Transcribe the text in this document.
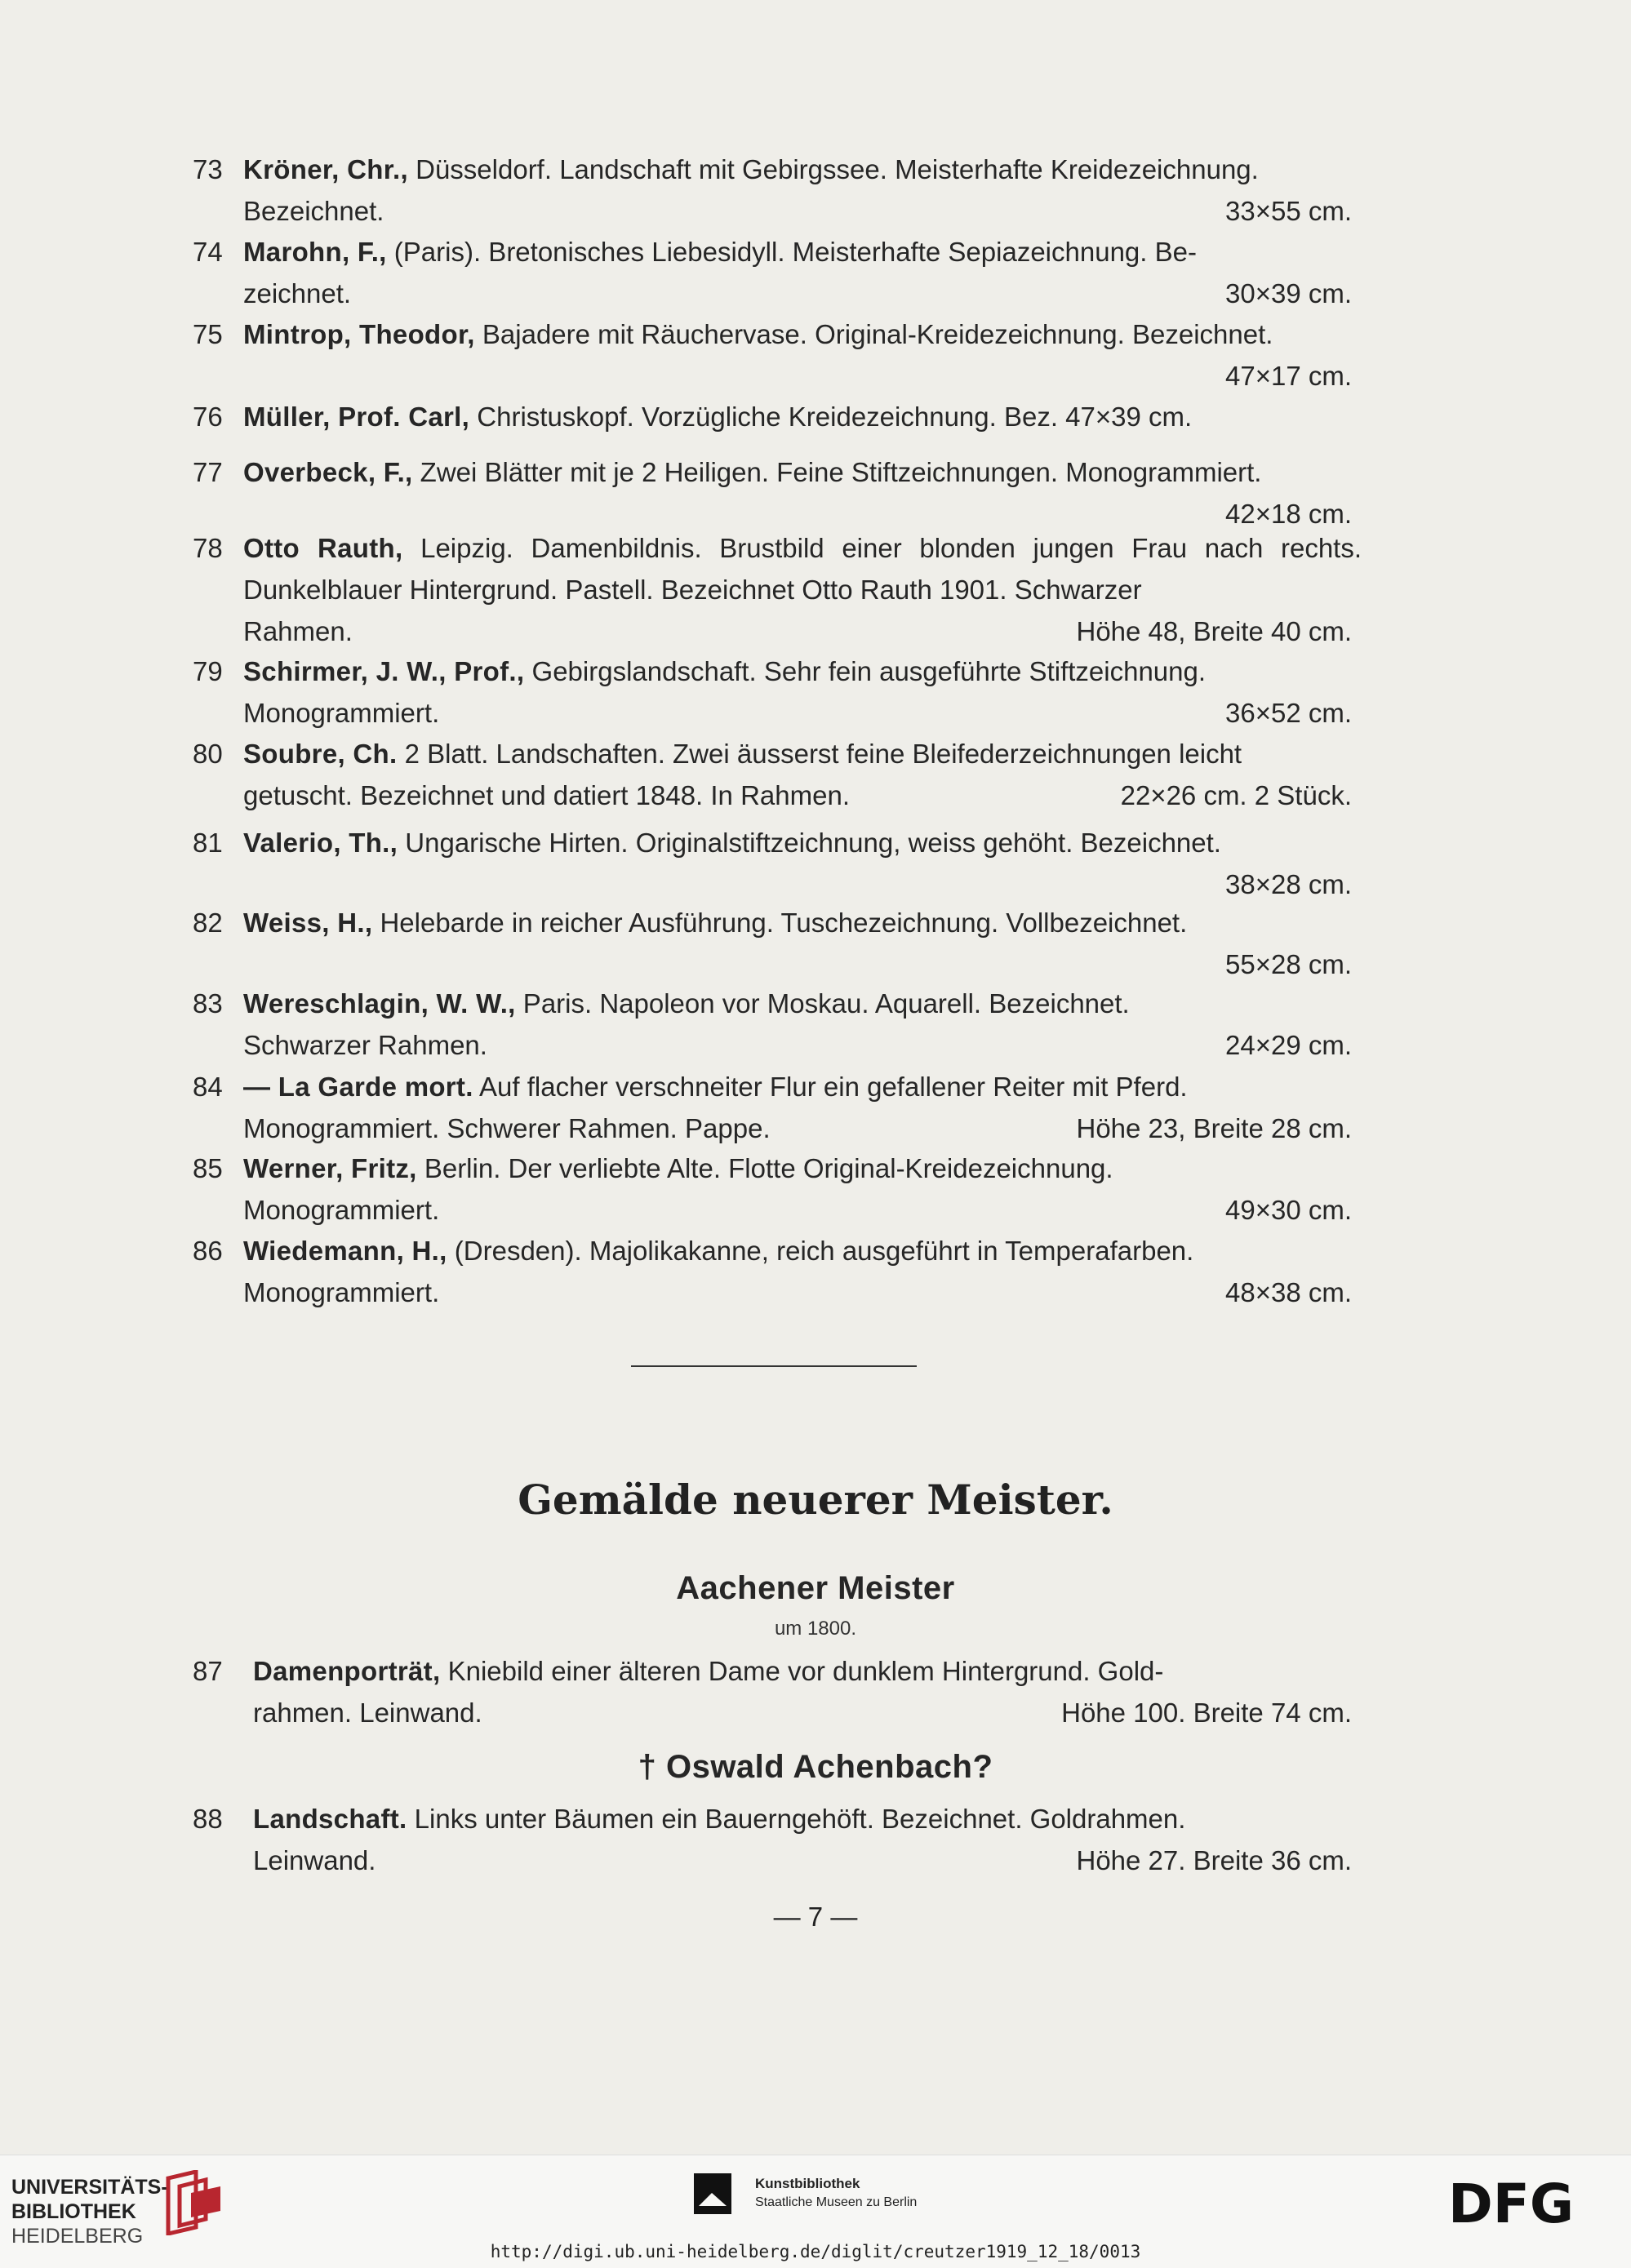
73 Kröner, Chr., Düsseldorf. Landschaft mit Gebirgssee. Meisterhafte Kreidezeichnung.
Bezeichnet.	33×55 cm.
74 Marohn, F., (Paris). Bretonisches Liebesidyll. Meisterhafte Sepiazeichnung. Be-
zeichnet.	30×39 cm.
75 Mintrop, Theodor, Bajadere mit Räuchervase. Original-Kreidezeichnung. Bezeichnet.
47×17 cm.
76 Müller, Prof. Carl, Christuskopf. Vorzügliche Kreidezeichnung. Bez. 47×39 cm.
77 Overbeck, F., Zwei Blätter mit je 2 Heiligen. Feine Stiftzeichnungen. Monogrammiert.
42×18 cm.
78 Otto Rauth, Leipzig. Damenbildnis. Brustbild einer blonden jungen Frau nach rechts. Dunkelblauer Hintergrund. Pastell. Bezeichnet Otto Rauth 1901. Schwarzer
Rahmen.	Höhe 48, Breite 40 cm.
79 Schirmer, J. W., Prof., Gebirgslandschaft. Sehr fein ausgeführte Stiftzeichnung.
Monogrammiert.	36×52 cm.
80 Soubre, Ch. 2 Blatt. Landschaften. Zwei äusserst feine Bleifederzeichnungen leicht
getuscht. Bezeichnet und datiert 1848. In Rahmen.	22×26 cm. 2 Stück.
81 Valerio, Th., Ungarische Hirten. Originalstiftzeichnung, weiss gehöht. Bezeichnet.
38×28 cm.
82 Weiss, H., Helebarde in reicher Ausführung. Tuschezeichnung. Vollbezeichnet.
55×28 cm.
83 Wereschlagin, W. W., Paris. Napoleon vor Moskau. Aquarell. Bezeichnet.
Schwarzer Rahmen.	24×29 cm.
84 — La Garde mort. Auf flacher verschneiter Flur ein gefallener Reiter mit Pferd.
Monogrammiert. Schwerer Rahmen. Pappe.	Höhe 23, Breite 28 cm.
85 Werner, Fritz, Berlin. Der verliebte Alte. Flotte Original-Kreidezeichnung.
Monogrammiert.	49×30 cm.
86 Wiedemann, H., (Dresden). Majolikakanne, reich ausgeführt in Temperafarben.
Monogrammiert.	48×38 cm.
Gemälde neuerer Meister.
Aachener Meister
um 1800.
87	Damenporträt, Kniebild einer älteren Dame vor dunklem Hintergrund. Gold-
rahmen. Leinwand.	Höhe 100. Breite 74 cm.
† Oswald Achenbach?
88	Landschaft. Links unter Bäumen ein Bauerngehöft. Bezeichnet. Goldrahmen.
Leinwand.	Höhe 27. Breite 36 cm.
— 7 —
UNIVERSITÄTS-
BIBLIOTHEK
HEIDELBERG
Kunstbibliothek
Staatliche Museen zu Berlin	DFG
http://digi.ub.uni-heidelberg.de/diglit/creutzer1919_12_18/0013
